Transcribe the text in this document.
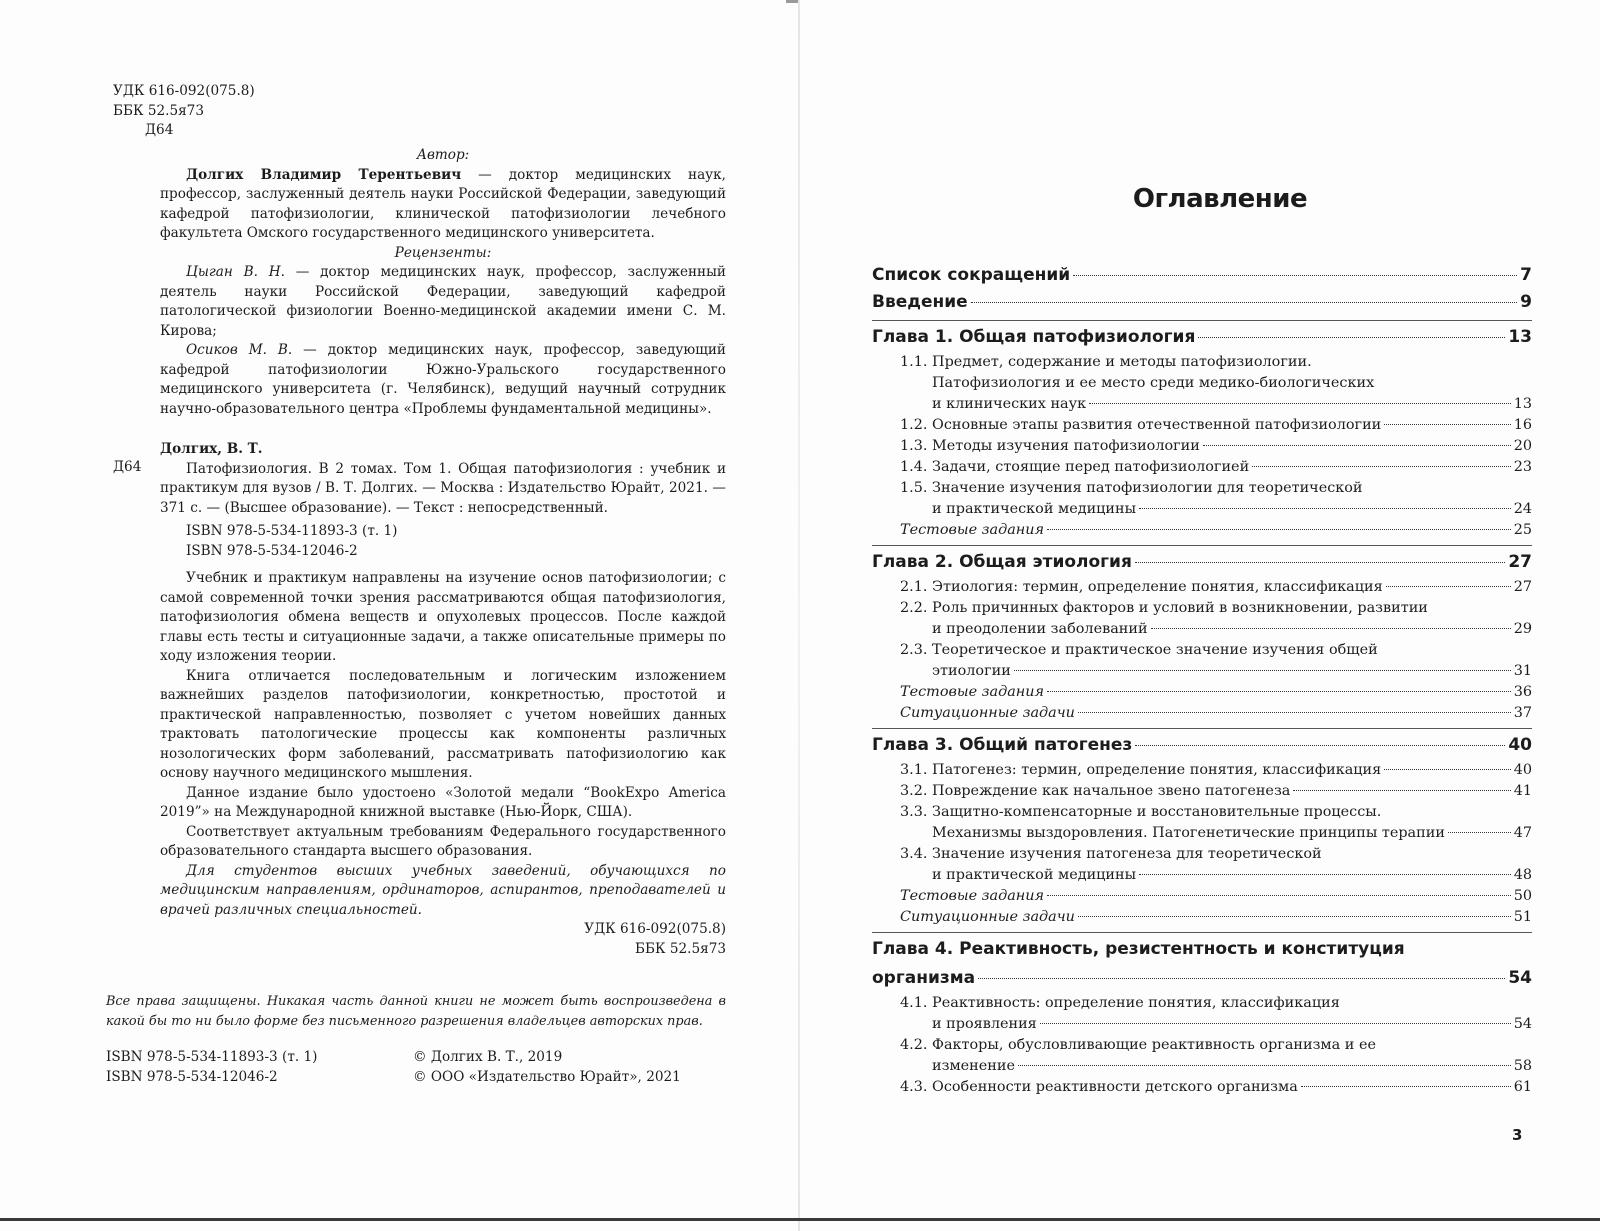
УДК 616-092(075.8)
ББК 52.5я73
Д64
Автор:
Долгих Владимир Терентьевич — доктор медицинских наук, профессор, заслуженный деятель науки Российской Федерации, заведующий кафедрой патофизиологии, клинической патофизиологии лечебного факультета Омского государственного медицинского университета.
Рецензенты:
Цыган В. Н. — доктор медицинских наук, профессор, заслуженный деятель науки Российской Федерации, заведующий кафедрой патологической физиологии Военно-медицинской академии имени С. М. Кирова;
Осиков М. В. — доктор медицинских наук, профессор, заведующий кафедрой патофизиологии Южно-Уральского государственного медицинского университета (г. Челябинск), ведущий научный сотрудник научно-образовательного центра «Проблемы фундаментальной медицины».
Д64
Долгих, В. Т.
Патофизиология. В 2 томах. Том 1. Общая патофизиология : учебник и практикум для вузов / В. Т. Долгих. — Москва : Издательство Юрайт, 2021. — 371 с. — (Высшее образование). — Текст : непосредственный.
ISBN 978-5-534-11893-3 (т. 1)
ISBN 978-5-534-12046-2

Учебник и практикум направлены на изучение основ патофизиологии; с самой современной точки зрения рассматриваются общая патофизиология, патофизиология обмена веществ и опухолевых процессов. После каждой главы есть тесты и ситуационные задачи, а также описательные примеры по ходу изложения теории.

Книга отличается последовательным и логическим изложением важнейших разделов патофизиологии, конкретностью, простотой и практической направленностью, позволяет с учетом новейших данных трактовать патологические процессы как компоненты различных нозологических форм заболеваний, рассматривать патофизиологию как основу научного медицинского мышления.

Данное издание было удостоено «Золотой медали “BookExpo America 2019”» на Международной книжной выставке (Нью-Йорк, США).

Соответствует актуальным требованиям Федерального государственного образовательного стандарта высшего образования.

Для студентов высших учебных заведений, обучающихся по медицинским направлениям, ординаторов, аспирантов, преподавателей и врачей различных специальностей.

УДК 616-092(075.8)
ББК 52.5я73
Все права защищены. Никакая часть данной книги не может быть воспроизведена в какой бы то ни было форме без письменного разрешения владельцев авторских прав.
ISBN 978-5-534-11893-3 (т. 1)
ISBN 978-5-534-12046-2
© Долгих В. Т., 2019
© ООО «Издательство Юрайт», 2021
Оглавление
Список сокращений	7
Введение	9
Глава 1. Общая патофизиология	13
1.1. Предмет, содержание и методы патофизиологии.
Патофизиология и ее место среди медико-биологических
и клинических наук	13
1.2. Основные этапы развития отечественной патофизиологии	16
1.3. Методы изучения патофизиологии	20
1.4. Задачи, стоящие перед патофизиологией	23
1.5. Значение изучения патофизиологии для теоретической
и практической медицины	24
Тестовые задания	25
Глава 2. Общая этиология	27
2.1. Этиология: термин, определение понятия, классификация	27
2.2. Роль причинных факторов и условий в возникновении, развитии
и преодолении заболеваний	29
2.3. Теоретическое и практическое значение изучения общей
этиологии	31
Тестовые задания	36
Ситуационные задачи	37
Глава 3. Общий патогенез	40
3.1. Патогенез: термин, определение понятия, классификация	40
3.2. Повреждение как начальное звено патогенеза	41
3.3. Защитно-компенсаторные и восстановительные процессы.
Механизмы выздоровления. Патогенетические принципы терапии	47
3.4. Значение изучения патогенеза для теоретической
и практической медицины	48
Тестовые задания	50
Ситуационные задачи	51
Глава 4. Реактивность, резистентность и конституция
организма	54
4.1. Реактивность: определение понятия, классификация
и проявления	54
4.2. Факторы, обусловливающие реактивность организма и ее
изменение	58
4.3. Особенности реактивности детского организма	61
3
